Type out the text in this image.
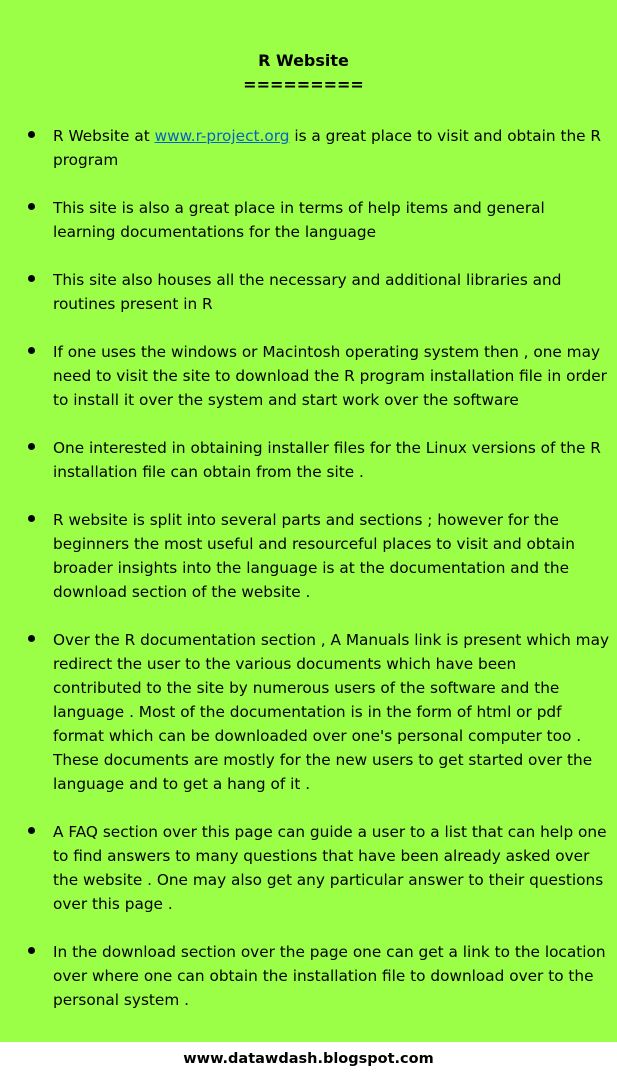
R Website
=========
R Website at www.r-project.org is a great place to visit and obtain the R program
This site is also a great place in terms of help items and general learning documentations for the language
This site also houses all the necessary and additional libraries and routines present in R
If one uses the windows or Macintosh operating system then , one may need to visit the site to download the R program installation file in order to install it over the system and start work over the software
One interested in obtaining installer files for the Linux versions of the R installation file can obtain from the site .
R website is split into several parts and sections ; however for the beginners the most useful and resourceful places to visit and obtain broader insights into the language is at the documentation and the download section of the website .
Over the R documentation section , A Manuals link is present which may redirect the user to the various documents which have been contributed to the site by numerous users of the software and the language . Most of the documentation is in the form of html or pdf format which can be downloaded over one's personal computer too . These documents are mostly for the new users to get started over the language and to get a hang of it .
A FAQ section over this page can guide a user to a list that can help one to find answers to many questions that have been already asked over the website . One may also get any particular answer to their questions over this page .
In the download section over the page one can get a link to the location over where one can obtain the installation file to download over to the personal system .
www.datawdash.blogspot.com
